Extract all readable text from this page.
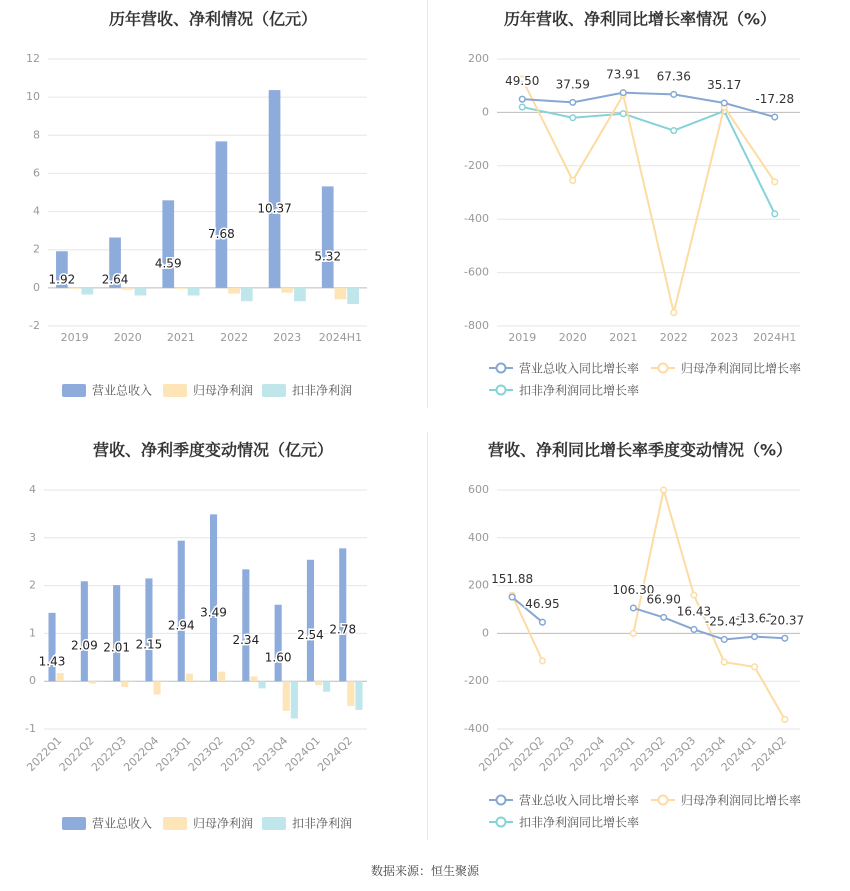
历年营收、净利情况（亿元）
-2
0
2
4
6
8
10
12
2019 2020 2021 2022 2023 2024H1
1.92 2.64
4.59
7.68
10.37
5.32
营业总收入	归母净利润	扣非净利润
历年营收、净利同比增长率情况（%）
-800
-600
-400
-200
0
200
2019 2020 2021 2022 2023 2024H1
49.50 37.59
73.91 67.36
35.17
-17.28
营业总收入同比增长率	归母净利润同比增长率
扣非净利润同比增长率
营收、净利季度变动情况（亿元）
-1
0
1
2
3
4
2022Q1
2022Q2
2022Q3
2022Q4
2023Q1
2023Q2
2023Q3
2023Q4
2024Q1
2024Q2
1.43
2.09 2.01 2.15
2.94
3.49
2.34
1.60
2.54 2.78
营业总收入	归母净利润	扣非净利润
营收、净利同比增长率季度变动情况（%）
-400
-200
0
200
400
600
2022Q1
2022Q2
2022Q3
2022Q4
2023Q1
2023Q2
2023Q3
2023Q4
2024Q1
2024Q2
151.88
46.95
106.30
66.90
16.43
-25.45
-13.61
-20.37
营业总收入同比增长率	归母净利润同比增长率
扣非净利润同比增长率
数据来源：恒生聚源
